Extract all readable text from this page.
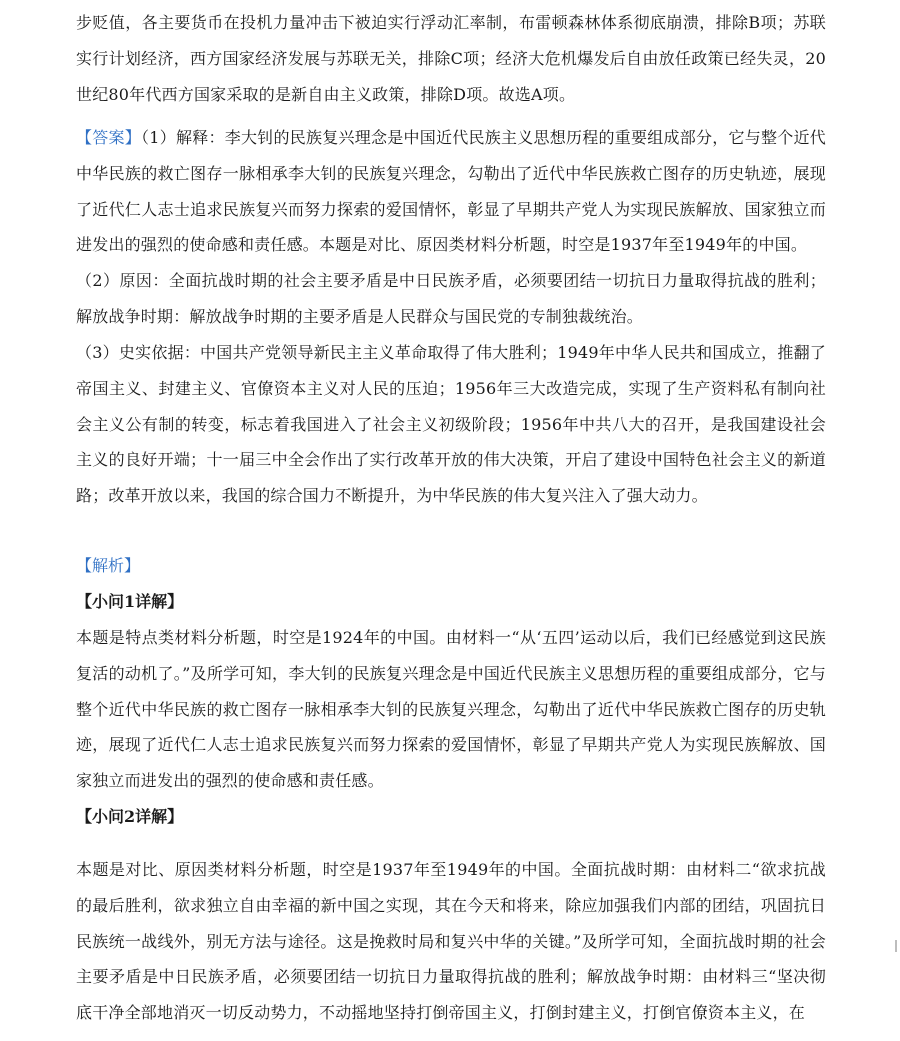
步贬值，各主要货币在投机力量冲击下被迫实行浮动汇率制，布雷顿森林体系彻底崩溃，排除B项；苏联实行计划经济，西方国家经济发展与苏联无关，排除C项；经济大危机爆发后自由放任政策已经失灵，20世纪80年代西方国家采取的是新自由主义政策，排除D项。故选A项。

【答案】（1）解释：李大钊的民族复兴理念是中国近代民族主义思想历程的重要组成部分，它与整个近代中华民族的救亡图存一脉相承李大钊的民族复兴理念，勾勒出了近代中华民族救亡图存的历史轨迹，展现了近代仁人志士追求民族复兴而努力探索的爱国情怀，彰显了早期共产党人为实现民族解放、国家独立而进发出的强烈的使命感和责任感。本题是对比、原因类材料分析题，时空是1937年至1949年的中国。

（2）原因：全面抗战时期的社会主要矛盾是中日民族矛盾，必须要团结一切抗日力量取得抗战的胜利；解放战争时期：解放战争时期的主要矛盾是人民群众与国民党的专制独裁统治。

（3）史实依据：中国共产党领导新民主主义革命取得了伟大胜利；1949年中华人民共和国成立，推翻了帝国主义、封建主义、官僚资本主义对人民的压迫；1956年三大改造完成，实现了生产资料私有制向社会主义公有制的转变，标志着我国进入了社会主义初级阶段；1956年中共八大的召开，是我国建设社会主义的良好开端；十一届三中全会作出了实行改革开放的伟大决策，开启了建设中国特色社会主义的新道路；改革开放以来，我国的综合国力不断提升，为中华民族的伟大复兴注入了强大动力。

【解析】

【小问1详解】

本题是特点类材料分析题，时空是1924年的中国。由材料一“从‘五四’运动以后，我们已经感觉到这民族复活的动机了。”及所学可知，李大钊的民族复兴理念是中国近代民族主义思想历程的重要组成部分，它与整个近代中华民族的救亡图存一脉相承李大钊的民族复兴理念，勾勒出了近代中华民族救亡图存的历史轨迹，展现了近代仁人志士追求民族复兴而努力探索的爱国情怀，彰显了早期共产党人为实现民族解放、国家独立而进发出的强烈的使命感和责任感。

【小问2详解】

本题是对比、原因类材料分析题，时空是1937年至1949年的中国。全面抗战时期：由材料二“欲求抗战的最后胜利，欲求独立自由幸福的新中国之实现，其在今天和将来，除应加强我们内部的团结，巩固抗日民族统一战线外，别无方法与途径。这是挽救时局和复兴中华的关键。”及所学可知，全面抗战时期的社会主要矛盾是中日民族矛盾，必须要团结一切抗日力量取得抗战的胜利；解放战争时期：由材料三“坚决彻底干净全部地消灭一切反动势力，不动摇地坚持打倒帝国主义，打倒封建主义，打倒官僚资本主义，在
